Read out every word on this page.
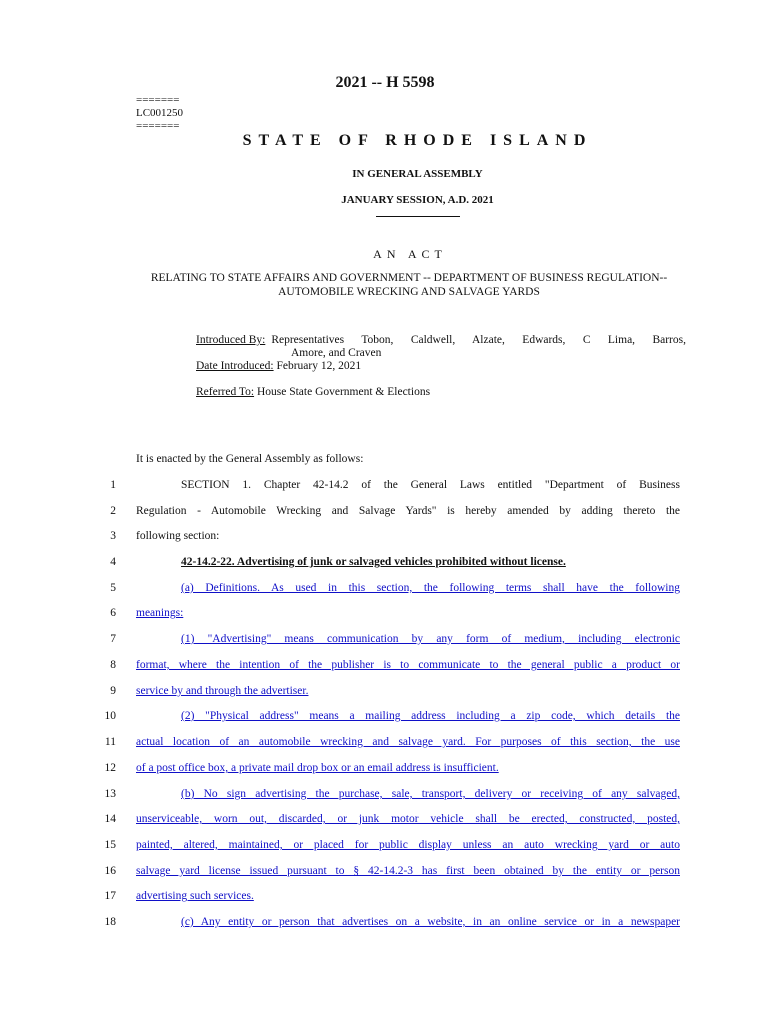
2021 -- H 5598
=======
LC001250
=======
STATE OF RHODE ISLAND
IN GENERAL ASSEMBLY
JANUARY SESSION, A.D. 2021
AN ACT
RELATING TO STATE AFFAIRS AND GOVERNMENT -- DEPARTMENT OF BUSINESS REGULATION--AUTOMOBILE WRECKING AND SALVAGE YARDS
Introduced By: Representatives Tobon, Caldwell, Alzate, Edwards, C Lima, Barros,
Amore, and Craven
Date Introduced: February 12, 2021
Referred To: House State Government & Elections
It is enacted by the General Assembly as follows:
1	SECTION 1. Chapter 42-14.2 of the General Laws entitled "Department of Business
2 Regulation - Automobile Wrecking and Salvage Yards" is hereby amended by adding thereto the
3 following section:
4	42-14.2-22. Advertising of junk or salvaged vehicles prohibited without license.
5	(a) Definitions. As used in this section, the following terms shall have the following
6 meanings:
7	(1) "Advertising" means communication by any form of medium, including electronic
8 format, where the intention of the publisher is to communicate to the general public a product or
9 service by and through the advertiser.
10	(2) "Physical address" means a mailing address including a zip code, which details the
11 actual location of an automobile wrecking and salvage yard. For purposes of this section, the use
12 of a post office box, a private mail drop box or an email address is insufficient.
13	(b) No sign advertising the purchase, sale, transport, delivery or receiving of any salvaged,
14 unserviceable, worn out, discarded, or junk motor vehicle shall be erected, constructed, posted,
15 painted, altered, maintained, or placed for public display unless an auto wrecking yard or auto
16 salvage yard license issued pursuant to § 42-14.2-3 has first been obtained by the entity or person
17 advertising such services.
18	(c) Any entity or person that advertises on a website, in an online service or in a newspaper
